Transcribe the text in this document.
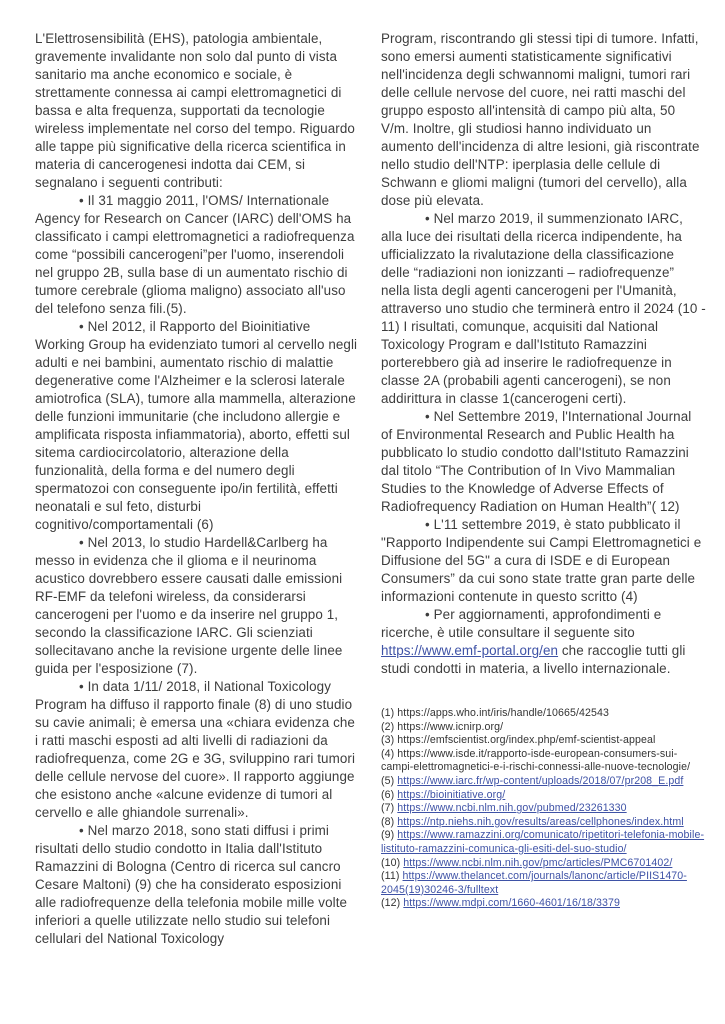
L'Elettrosensibilità (EHS), patologia ambientale, gravemente invalidante non solo dal punto di vista sanitario ma anche economico e sociale, è strettamente connessa ai campi elettromagnetici di bassa e alta frequenza, supportati da tecnologie wireless implementate nel corso del tempo. Riguardo alle tappe più significative della ricerca scientifica in materia di cancerogenesi indotta dai CEM, si segnalano i seguenti contributi:

• Il 31 maggio 2011, l'OMS/ Internationale Agency for Research on Cancer (IARC) dell'OMS ha classificato i campi elettromagnetici a radiofrequenza come “possibili cancerogeni”per l'uomo, inserendoli nel gruppo 2B, sulla base di un aumentato rischio di tumore cerebrale (glioma maligno) associato all'uso del telefono senza fili.(5).

• Nel 2012, il Rapporto del Bioinitiative Working Group ha evidenziato tumori al cervello negli adulti e nei bambini, aumentato rischio di malattie degenerative come l'Alzheimer e la sclerosi laterale amiotrofica (SLA), tumore alla mammella, alterazione delle funzioni immunitarie (che includono allergie e amplificata risposta infiammatoria), aborto, effetti sul sitema cardiocircolatorio, alterazione della funzionalità, della forma e del numero degli spermatozoi con conseguente ipo/in fertilità, effetti neonatali e sul feto, disturbi cognitivo/comportamentali (6)

• Nel 2013, lo studio Hardell&Carlberg ha messo in evidenza che il glioma e il neurinoma acustico dovrebbero essere causati dalle emissioni RF-EMF da telefoni wireless, da considerarsi cancerogeni per l'uomo e da inserire nel gruppo 1, secondo la classificazione IARC. Gli scienziati sollecitavano anche la revisione urgente delle linee guida per l'esposizione (7).

• In data 1/11/ 2018, il National Toxicology Program ha diffuso il rapporto finale (8) di uno studio su cavie animali; è emersa una «chiara evidenza che i ratti maschi esposti ad alti livelli di radiazioni da radiofrequenza, come 2G e 3G, sviluppino rari tumori delle cellule nervose del cuore». Il rapporto aggiunge che esistono anche «alcune evidenze di tumori al cervello e alle ghiandole surrenali».

• Nel marzo 2018, sono stati diffusi i primi risultati dello studio condotto in Italia dall'Istituto Ramazzini di Bologna (Centro di ricerca sul cancro Cesare Maltoni) (9) che ha considerato esposizioni alle radiofrequenze della telefonia mobile mille volte inferiori a quelle utilizzate nello studio sui telefoni cellulari del National Toxicology

Program, riscontrando gli stessi tipi di tumore. Infatti, sono emersi aumenti statisticamente significativi nell'incidenza degli schwannomi maligni, tumori rari delle cellule nervose del cuore, nei ratti maschi del gruppo esposto all'intensità di campo più alta, 50 V/m. Inoltre, gli studiosi hanno individuato un aumento dell'incidenza di altre lesioni, già riscontrate nello studio dell'NTP: iperplasia delle cellule di Schwann e gliomi maligni (tumori del cervello), alla dose più elevata.

• Nel marzo 2019, il summenzionato IARC, alla luce dei risultati della ricerca indipendente, ha ufficializzato la rivalutazione della classificazione delle “radiazioni non ionizzanti – radiofrequenze” nella lista degli agenti cancerogeni per l'Umanità, attraverso uno studio che terminerà entro il 2024 (10 - 11) I risultati, comunque, acquisiti dal National Toxicology Program e dall'Istituto Ramazzini porterebbero già ad inserire le radiofrequenze in classe 2A (probabili agenti cancerogeni), se non addirittura in classe 1(cancerogeni certi).

• Nel Settembre 2019, l'International Journal of Environmental Research and Public Health ha pubblicato lo studio condotto dall'Istituto Ramazzini dal titolo “The Contribution of In Vivo Mammalian Studies to the Knowledge of Adverse Effects of Radiofrequency Radiation on Human Health”( 12)

• L'11 settembre 2019, è stato pubblicato il "Rapporto Indipendente sui Campi Elettromagnetici e Diffusione del 5G" a cura di ISDE e di European Consumers” da cui sono state tratte gran parte delle informazioni contenute in questo scritto (4)

• Per aggiornamenti, approfondimenti e ricerche, è utile consultare il seguente sito https://www.emf-portal.org/en che raccoglie tutti gli studi condotti in materia, a livello internazionale.

(1) https://apps.who.int/iris/handle/10665/42543

(2) https://www.icnirp.org/

(3) https://emfscientist.org/index.php/emf-scientist-appeal

(4) https://www.isde.it/rapporto-isde-european-consumers-sui-campi-elettromagnetici-e-i-rischi-connessi-alle-nuove-tecnologie/

(5) https://www.iarc.fr/wp-content/uploads/2018/07/pr208_E.pdf

(6) https://bioinitiative.org/

(7) https://www.ncbi.nlm.nih.gov/pubmed/23261330

(8) https://ntp.niehs.nih.gov/results/areas/cellphones/index.html

(9) https://www.ramazzini.org/comunicato/ripetitori-telefonia-mobile-listituto-ramazzini-comunica-gli-esiti-del-suo-studio/

(10) https://www.ncbi.nlm.nih.gov/pmc/articles/PMC6701402/

(11) https://www.thelancet.com/journals/lanonc/article/PIIS1470-2045(19)30246-3/fulltext

(12) https://www.mdpi.com/1660-4601/16/18/3379
